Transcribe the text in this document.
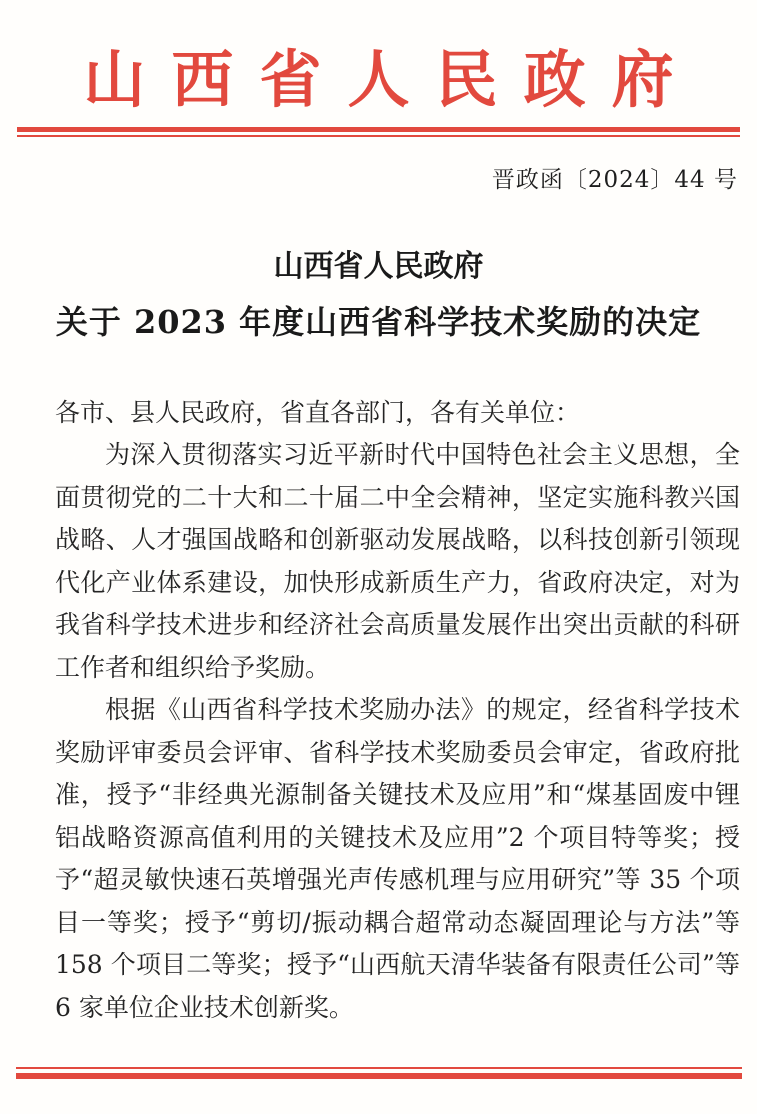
山西省人民政府
晋政函〔2024〕44 号
山西省人民政府
关于 2023 年度山西省科学技术奖励的决定
各市、县人民政府，省直各部门，各有关单位：

为深入贯彻落实习近平新时代中国特色社会主义思想，全面贯彻党的二十大和二十届二中全会精神，坚定实施科教兴国战略、人才强国战略和创新驱动发展战略，以科技创新引领现代化产业体系建设，加快形成新质生产力，省政府决定，对为我省科学技术进步和经济社会高质量发展作出突出贡献的科研工作者和组织给予奖励。

根据《山西省科学技术奖励办法》的规定，经省科学技术奖励评审委员会评审、省科学技术奖励委员会审定，省政府批准，授予“非经典光源制备关键技术及应用”和“煤基固废中锂铝战略资源高值利用的关键技术及应用”2 个项目特等奖；授予“超灵敏快速石英增强光声传感机理与应用研究”等 35 个项目一等奖；授予“剪切/振动耦合超常动态凝固理论与方法”等 158 个项目二等奖；授予“山西航天清华装备有限责任公司”等 6 家单位企业技术创新奖。
